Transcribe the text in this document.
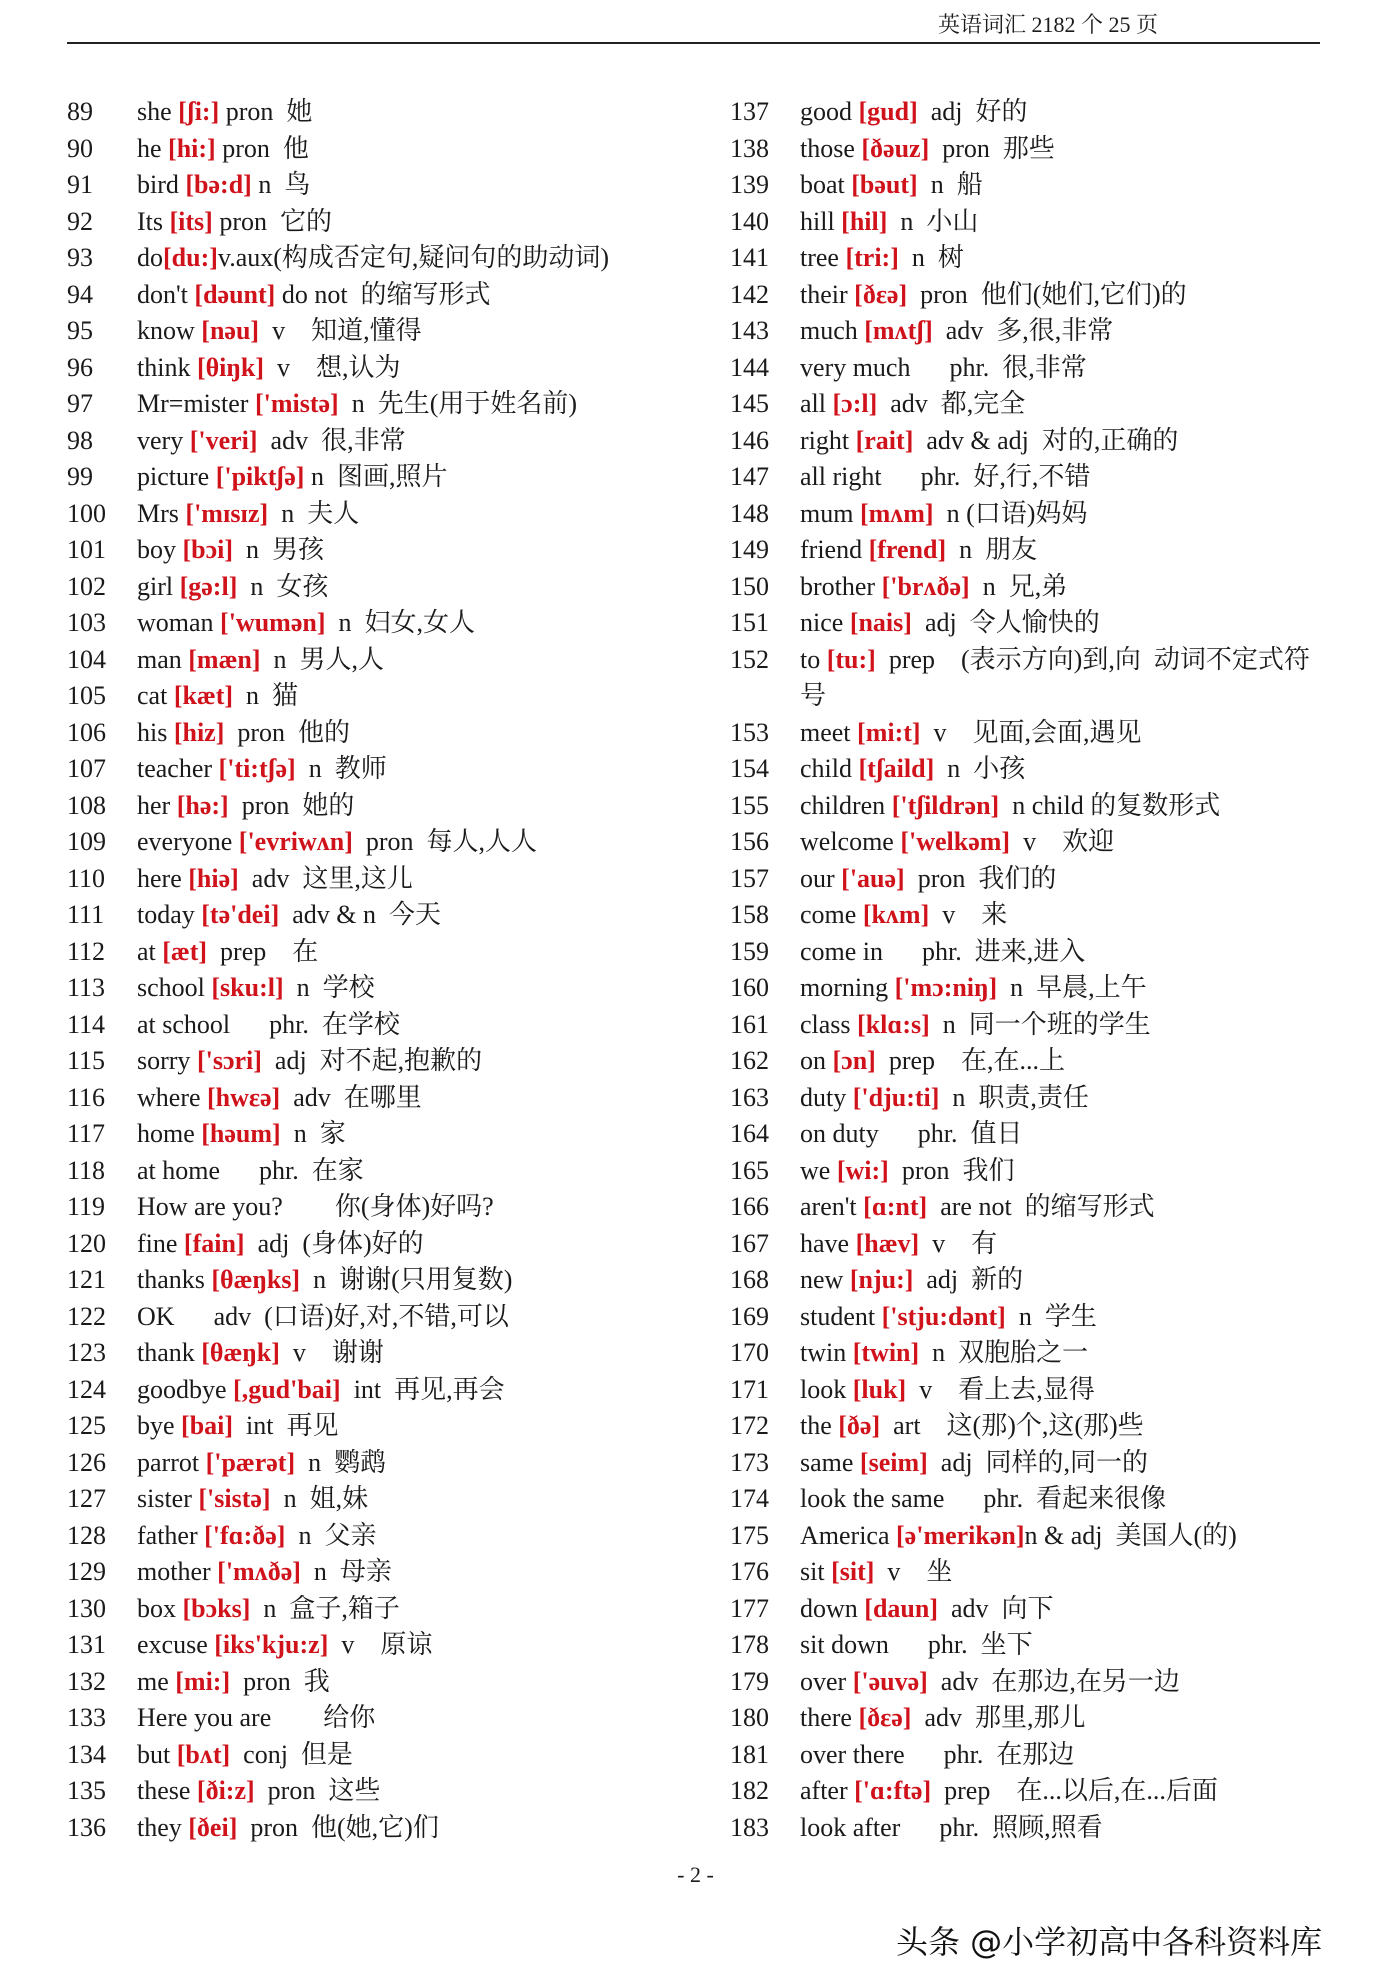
英语词汇 2182 个 25 页
89	she [ʃi:] pron  她
90	he [hi:] pron  他
91	bird [bə:d] n  鸟
92	Its [its] pron  它的
93	do[du:]v.aux(构成否定句,疑问句的助动词)
94	don't [dəunt] do not  的缩写形式
95	know [nəu]  v    知道,懂得
96	think [θiŋk]  v    想,认为
97	Mr=mister ['mistə]  n  先生(用于姓名前)
98	very ['veri]  adv  很,非常
99	picture ['piktʃə] n  图画,照片
100	Mrs ['mɪsɪz]  n  夫人
101	boy [bɔi]  n  男孩
102	girl [gə:l]  n  女孩
103	woman ['wumən]  n  妇女,女人
104	man [mæn]  n  男人,人
105	cat [kæt]  n  猫
106	his [hiz]  pron  他的
107	teacher ['ti:tʃə]  n  教师
108	her [hə:]  pron  她的
109	everyone ['evriwʌn]  pron  每人,人人
110	here [hiə]  adv  这里,这儿
111	today [tə'dei]  adv & n  今天
112	at [æt]  prep    在
113	school [sku:l]  n  学校
114	at school      phr.  在学校
115	sorry ['sɔri]  adj  对不起,抱歉的
116	where [hwεə]  adv  在哪里
117	home [həum]  n  家
118	at home      phr.  在家
119	How are you?        你(身体)好吗?
120	fine [fain]  adj  (身体)好的
121	thanks [θæŋks]  n  谢谢(只用复数)
122	OK      adv  (口语)好,对,不错,可以
123	thank [θæŋk]  v    谢谢
124	goodbye [,gud'bai]  int  再见,再会
125	bye [bai]  int  再见
126	parrot ['pærət]  n  鹦鹉
127	sister ['sistə]  n  姐,妹
128	father ['fɑ:ðə]  n  父亲
129	mother ['mʌðə]  n  母亲
130	box [bɔks]  n  盒子,箱子
131	excuse [iks'kju:z]  v    原谅
132	me [mi:]  pron  我
133	Here you are        给你
134	but [bʌt]  conj  但是
135	these [ði:z]  pron  这些
136	they [ðei]  pron  他(她,它)们
137	good [gud]  adj  好的
138	those [ðəuz]  pron  那些
139	boat [bəut]  n  船
140	hill [hil]  n  小山
141	tree [tri:]  n  树
142	their [ðεə]  pron  他们(她们,它们)的
143	much [mʌtʃ]  adv  多,很,非常
144	very much      phr.  很,非常
145	all [ɔ:l]  adv  都,完全
146	right [rait]  adv & adj  对的,正确的
147	all right      phr.  好,行,不错
148	mum [mʌm]  n (口语)妈妈
149	friend [frend]  n  朋友
150	brother ['brʌðə]  n  兄,弟
151	nice [nais]  adj  令人愉快的
152	to [tu:]  prep    (表示方向)到,向  动词不定式符号
153	meet [mi:t]  v    见面,会面,遇见
154	child [tʃaild]  n  小孩
155	children ['tʃildrən]  n child 的复数形式
156	welcome ['welkəm]  v    欢迎
157	our ['auə]  pron  我们的
158	come [kʌm]  v    来
159	come in      phr.  进来,进入
160	morning ['mɔ:niŋ]  n  早晨,上午
161	class [klɑ:s]  n  同一个班的学生
162	on [ɔn]  prep    在,在...上
163	duty ['dju:ti]  n  职责,责任
164	on duty      phr.  值日
165	we [wi:]  pron  我们
166	aren't [ɑ:nt]  are not  的缩写形式
167	have [hæv]  v    有
168	new [nju:]  adj  新的
169	student ['stju:dənt]  n  学生
170	twin [twin]  n  双胞胎之一
171	look [luk]  v    看上去,显得
172	the [ðə]  art    这(那)个,这(那)些
173	same [seim]  adj  同样的,同一的
174	look the same      phr.  看起来很像
175	America [ə'merikən]n & adj  美国人(的)
176	sit [sit]  v    坐
177	down [daun]  adv  向下
178	sit down      phr.  坐下
179	over ['əuvə]  adv  在那边,在另一边
180	there [ðεə]  adv  那里,那儿
181	over there      phr.  在那边
182	after ['ɑ:ftə]  prep    在...以后,在...后面
183	look after      phr.  照顾,照看
- 2 -
头条 @小学初高中各科资料库
